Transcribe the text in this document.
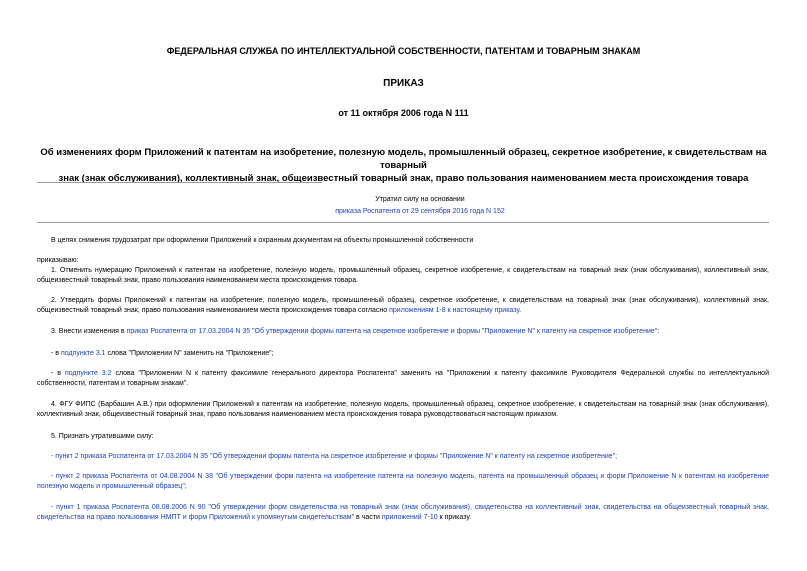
ФЕДЕРАЛЬНАЯ СЛУЖБА ПО ИНТЕЛЛЕКТУАЛЬНОЙ СОБСТВЕННОСТИ, ПАТЕНТАМ И ТОВАРНЫМ ЗНАКАМ
ПРИКАЗ
от 11 октября 2006 года N 111
Об изменениях форм Приложений к патентам на изобретение, полезную модель, промышленный образец, секретное изобретение, к свидетельствам на товарный
знак (знак обслуживания), коллективный знак, общеизвестный товарный знак, право пользования наименованием места происхождения товара
Утратил силу на основании
приказа Роспатента от 29 сентября 2016 года N 152
В целях снижения трудозатрат при оформлении Приложений к охранным документам на объекты промышленной собственности
приказываю:
1. Отменить нумерацию Приложений к патентам на изобретение, полезную модель, промышленный образец, секретное изобретение, к свидетельствам на товарный знак (знак обслуживания), коллективный знак, общеизвестный товарный знак, право пользования наименованием места происхождения товара.
2. Утвердить формы Приложений к патентам на изобретение, полезную модель, промышленный образец, секретное изобретение, к свидетельствам на товарный знак (знак обслуживания), коллективный знак, общеизвестный товарный знак, право пользования наименованием места происхождения товара согласно приложениям 1-8 к настоящему приказу.
3. Внести изменения в приказ Роспатента от 17.03.2004 N 35 "Об утверждении формы патента на секретное изобретение и формы "Приложение N" к патенту на секретное изобретение":
- в подпункте 3.1 слова "Приложении N" заменить на "Приложение";
- в подпункте 3.2 слова "Приложении N к патенту факсимиле генерального директора Роспатента" заменить на "Приложении к патенту факсимиле Руководителя Федеральной службы по интеллектуальной собственности, патентам и товарным знакам".
4. ФГУ ФИПС (Барбашин А.В.) при оформлении Приложений к патентам на изобретение, полезную модель, промышленный образец, секретное изобретение, к свидетельствам на товарный знак (знак обслуживания), коллективный знак, общеизвестный товарный знак, право пользования наименованием места происхождения товара руководствоваться настоящим приказом.
5. Признать утратившими силу:
- пункт 2 приказа Роспатента от 17.03.2004 N 35 "Об утверждении формы патента на секретное изобретение и формы "Приложение N" к патенту на секретное изобретение";
- пункт 2 приказа Роспатента от 04.08.2004 N 38 "Об утверждении форм патента на изобретение патента на полезную модель, патента на промышленный образец и форм Приложение N к патентам на изобретение полезную модель и промышленный образец";
- пункт 1 приказа Роспатента 08.08.2006 N 90 "Об утверждении форм свидетельства на товарный знак (знак обслуживания), свидетельства на коллективный знак, свидетельства на общеизвестный товарный знак, свидетельства на право пользования НМПТ и форм Приложений к упомянутым свидетельствам" в части приложений 7-10 к приказу.
